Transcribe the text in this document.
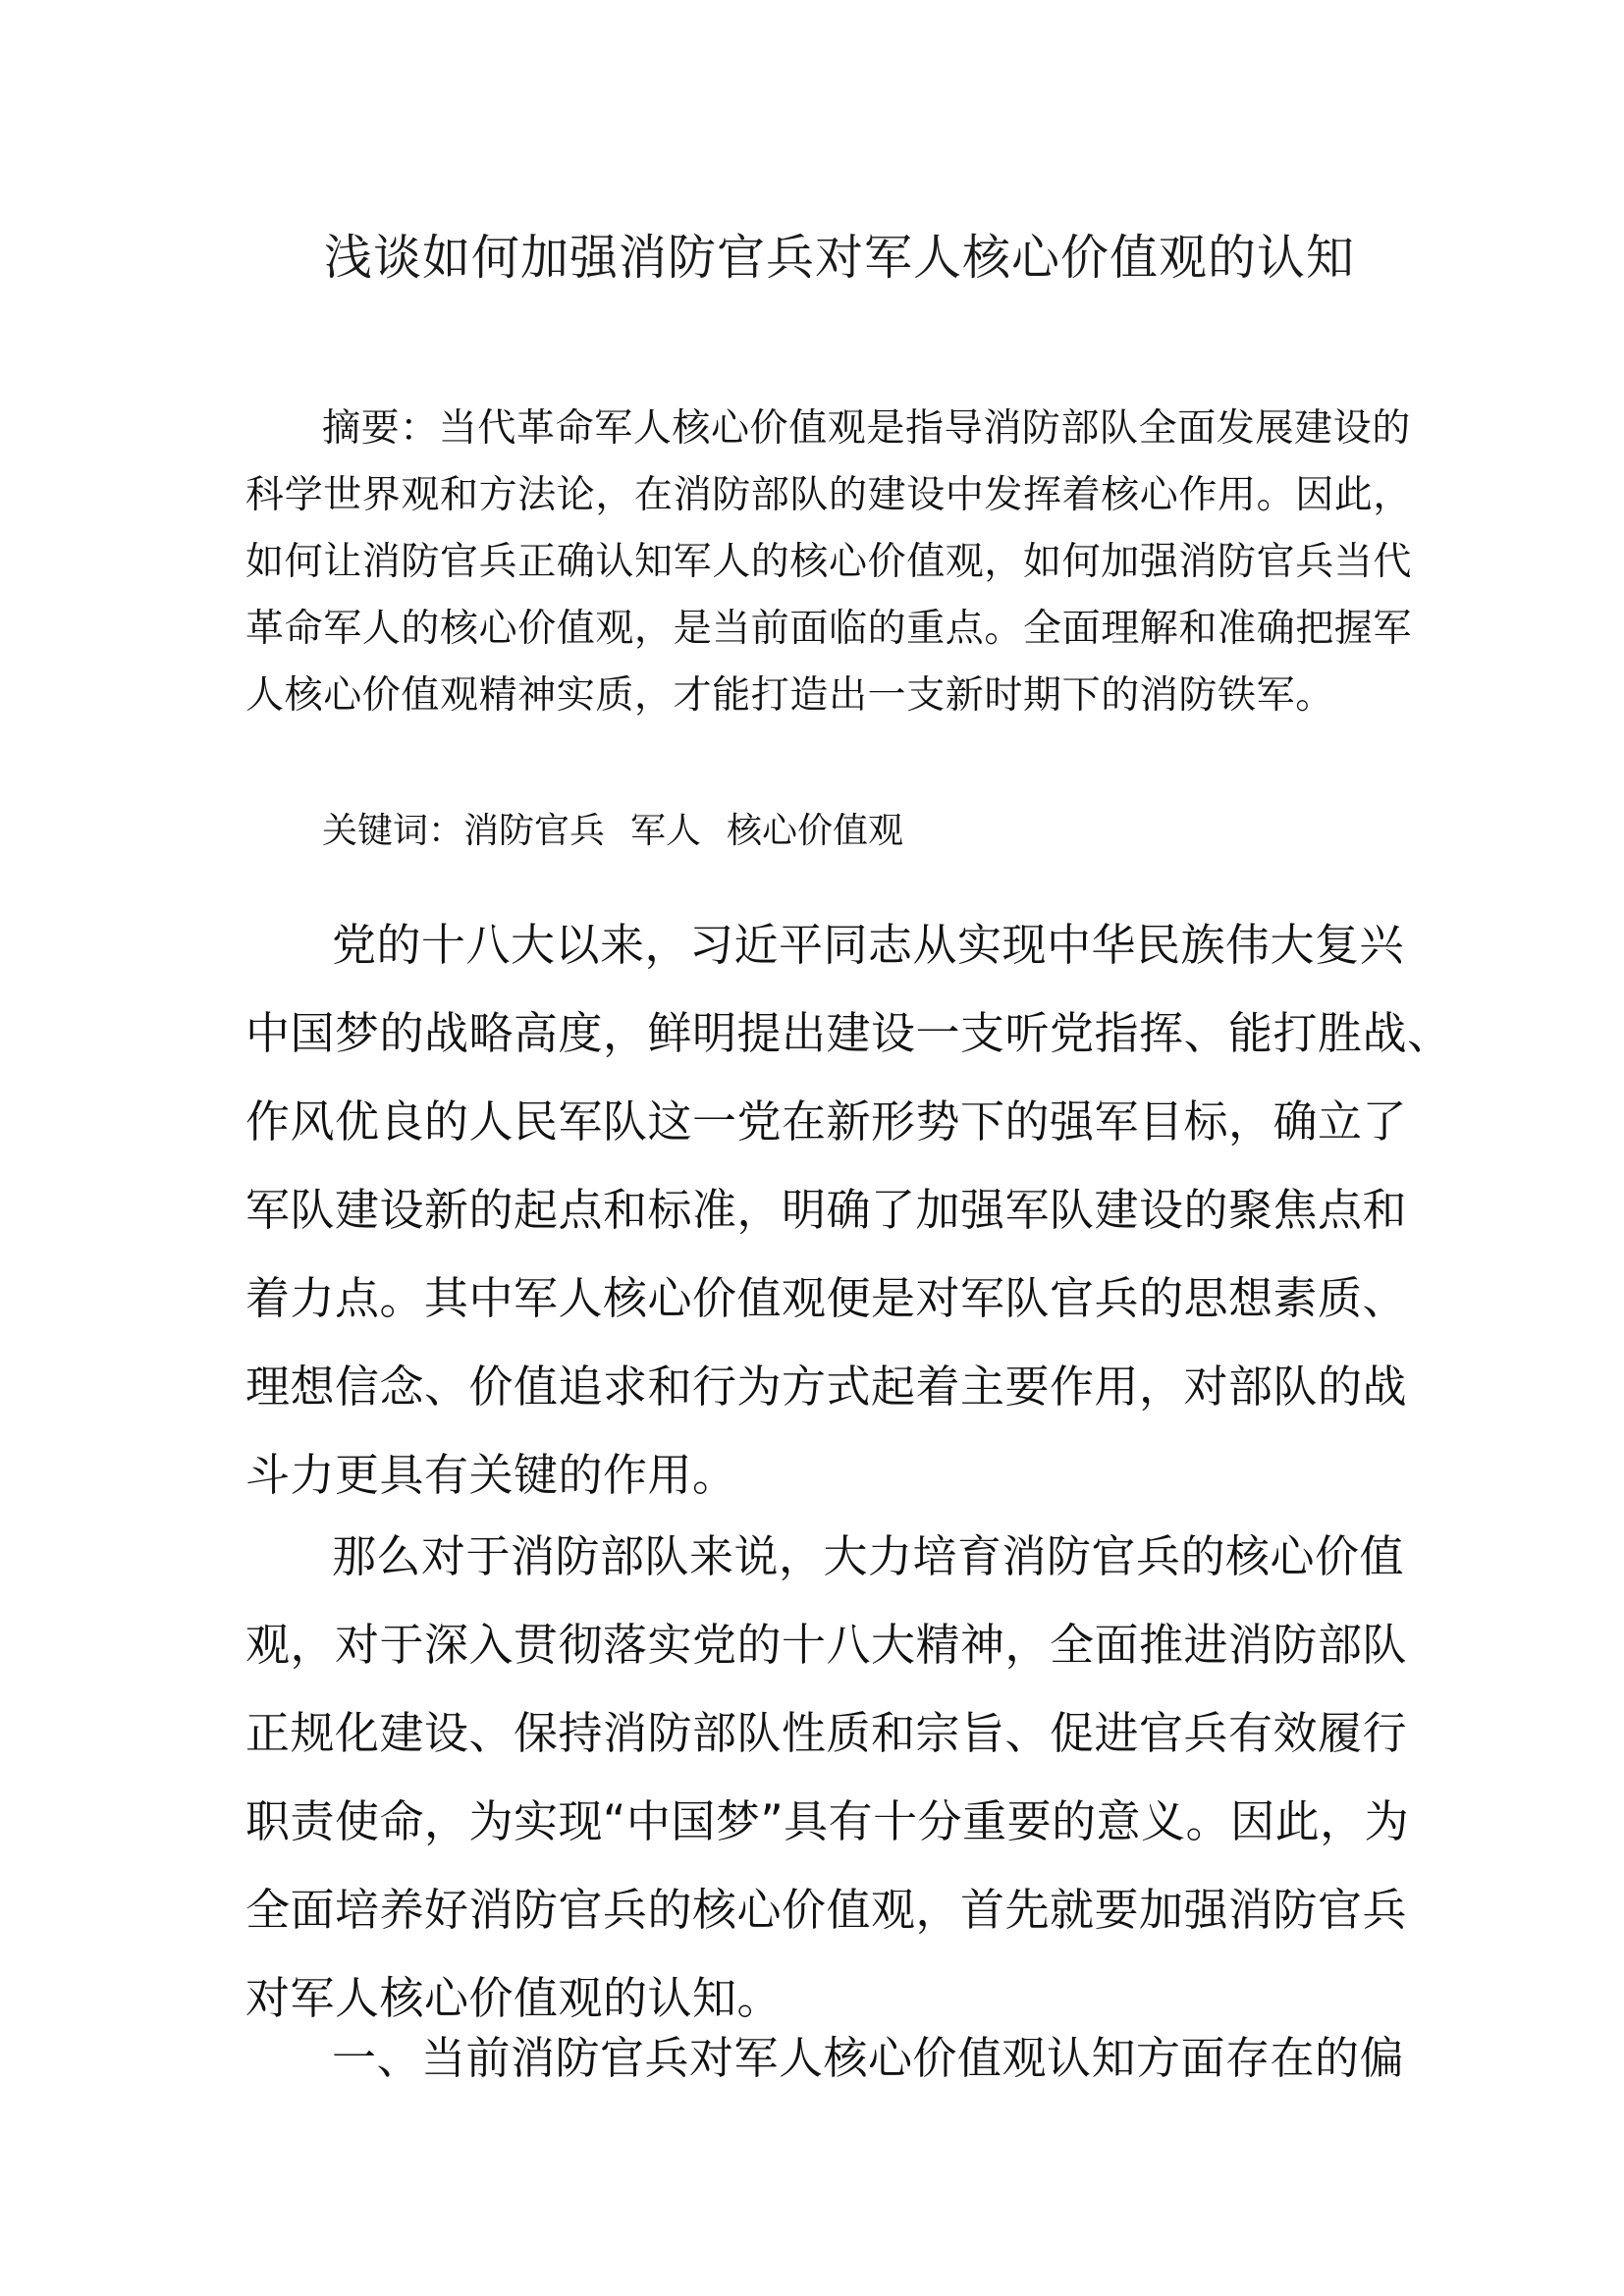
浅谈如何加强消防官兵对军人核心价值观的认知
摘要：当代革命军人核心价值观是指导消防部队全面发展建设的
科学世界观和方法论，在消防部队的建设中发挥着核心作用。因此，
如何让消防官兵正确认知军人的核心价值观，如何加强消防官兵当代
革命军人的核心价值观，是当前面临的重点。全面理解和准确把握军
人核心价值观精神实质，才能打造出一支新时期下的消防铁军。
关键词：消防官兵 军人 核心价值观
党的十八大以来，习近平同志从实现中华民族伟大复兴
中国梦的战略高度，鲜明提出建设一支听党指挥、能打胜战、
作风优良的人民军队这一党在新形势下的强军目标，确立了
军队建设新的起点和标准，明确了加强军队建设的聚焦点和
着力点。其中军人核心价值观便是对军队官兵的思想素质、
理想信念、价值追求和行为方式起着主要作用，对部队的战
斗力更具有关键的作用。
那么对于消防部队来说，大力培育消防官兵的核心价值
观，对于深入贯彻落实党的十八大精神，全面推进消防部队
正规化建设、保持消防部队性质和宗旨、促进官兵有效履行
职责使命，为实现“中国梦”具有十分重要的意义。因此，为
全面培养好消防官兵的核心价值观，首先就要加强消防官兵
对军人核心价值观的认知。
一、当前消防官兵对军人核心价值观认知方面存在的偏
